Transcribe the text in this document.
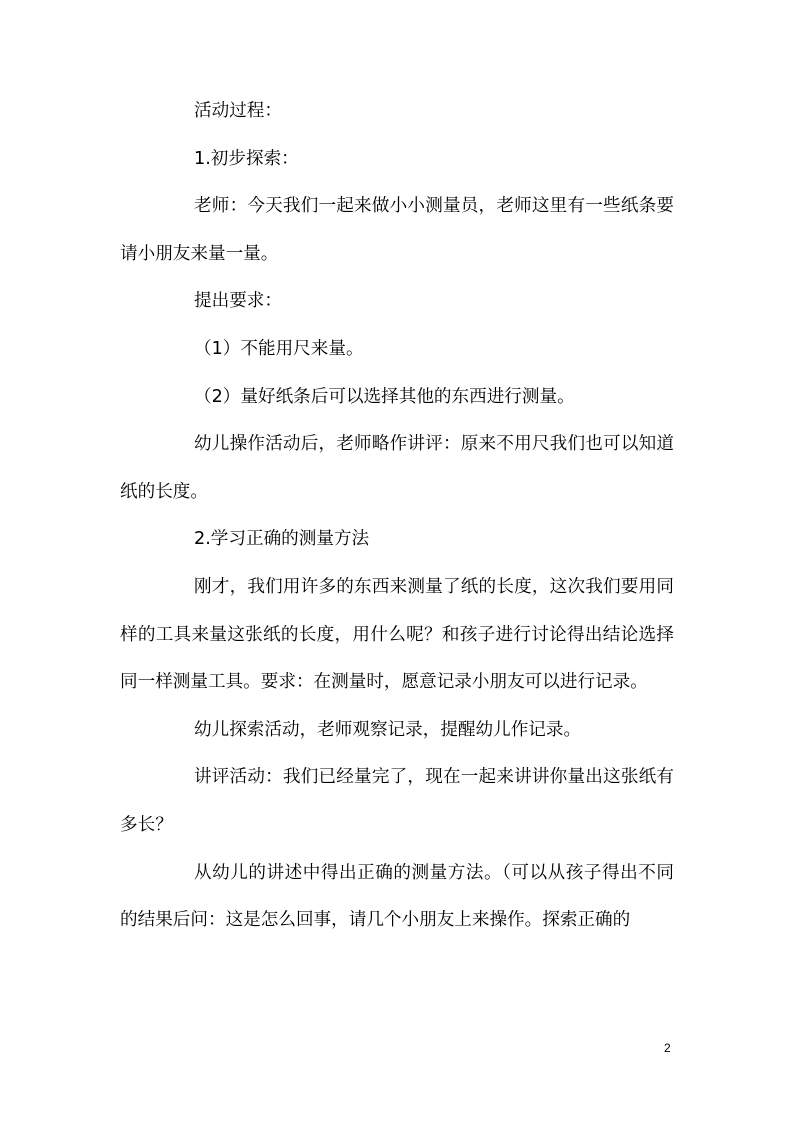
活动过程：

1.初步探索：

老师：今天我们一起来做小小测量员，老师这里有一些纸条要请小朋友来量一量。

提出要求：

（1）不能用尺来量。

（2）量好纸条后可以选择其他的东西进行测量。

幼儿操作活动后，老师略作讲评：原来不用尺我们也可以知道纸的长度。

2.学习正确的测量方法

刚才，我们用许多的东西来测量了纸的长度，这次我们要用同样的工具来量这张纸的长度，用什么呢？和孩子进行讨论得出结论选择同一样测量工具。要求：在测量时，愿意记录小朋友可以进行记录。

幼儿探索活动，老师观察记录，提醒幼儿作记录。

讲评活动：我们已经量完了，现在一起来讲讲你量出这张纸有多长？

从幼儿的讲述中得出正确的测量方法。（可以从孩子得出不同的结果后问：这是怎么回事，请几个小朋友上来操作。探索正确的

2
